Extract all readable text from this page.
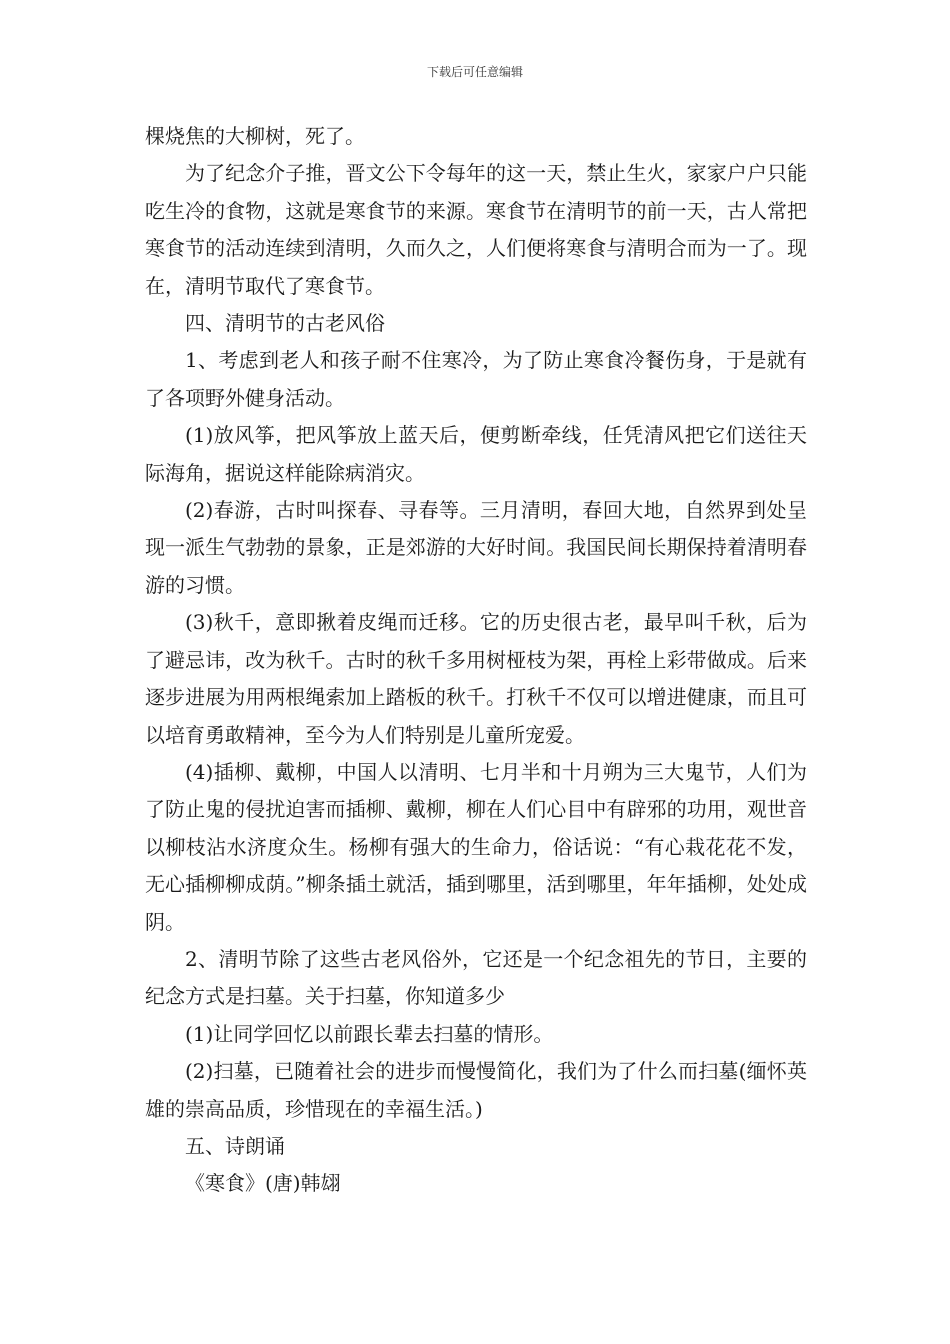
下载后可任意编辑

棵烧焦的大柳树，死了。

为了纪念介子推，晋文公下令每年的这一天，禁止生火，家家户户只能吃生冷的食物，这就是寒食节的来源。寒食节在清明节的前一天，古人常把寒食节的活动连续到清明，久而久之，人们便将寒食与清明合而为一了。现在，清明节取代了寒食节。

四、清明节的古老风俗

1、考虑到老人和孩子耐不住寒冷，为了防止寒食冷餐伤身，于是就有了各项野外健身活动。

(1)放风筝，把风筝放上蓝天后，便剪断牵线，任凭清风把它们送往天际海角，据说这样能除病消灾。

(2)春游，古时叫探春、寻春等。三月清明，春回大地，自然界到处呈现一派生气勃勃的景象，正是郊游的大好时间。我国民间长期保持着清明春游的习惯。

(3)秋千，意即揪着皮绳而迁移。它的历史很古老，最早叫千秋，后为了避忌讳，改为秋千。古时的秋千多用树桠枝为架，再栓上彩带做成。后来逐步进展为用两根绳索加上踏板的秋千。打秋千不仅可以增进健康，而且可以培育勇敢精神，至今为人们特别是儿童所宠爱。

(4)插柳、戴柳，中国人以清明、七月半和十月朔为三大鬼节，人们为了防止鬼的侵扰迫害而插柳、戴柳，柳在人们心目中有辟邪的功用，观世音以柳枝沾水济度众生。杨柳有强大的生命力，俗话说：“有心栽花花不发，无心插柳柳成荫。”柳条插土就活，插到哪里，活到哪里，年年插柳，处处成阴。

2、清明节除了这些古老风俗外，它还是一个纪念祖先的节日，主要的纪念方式是扫墓。关于扫墓，你知道多少

(1)让同学回忆以前跟长辈去扫墓的情形。

(2)扫墓，已随着社会的进步而慢慢简化，我们为了什么而扫墓(缅怀英雄的崇高品质，珍惜现在的幸福生活。)

五、诗朗诵

《寒食》(唐)韩翃
